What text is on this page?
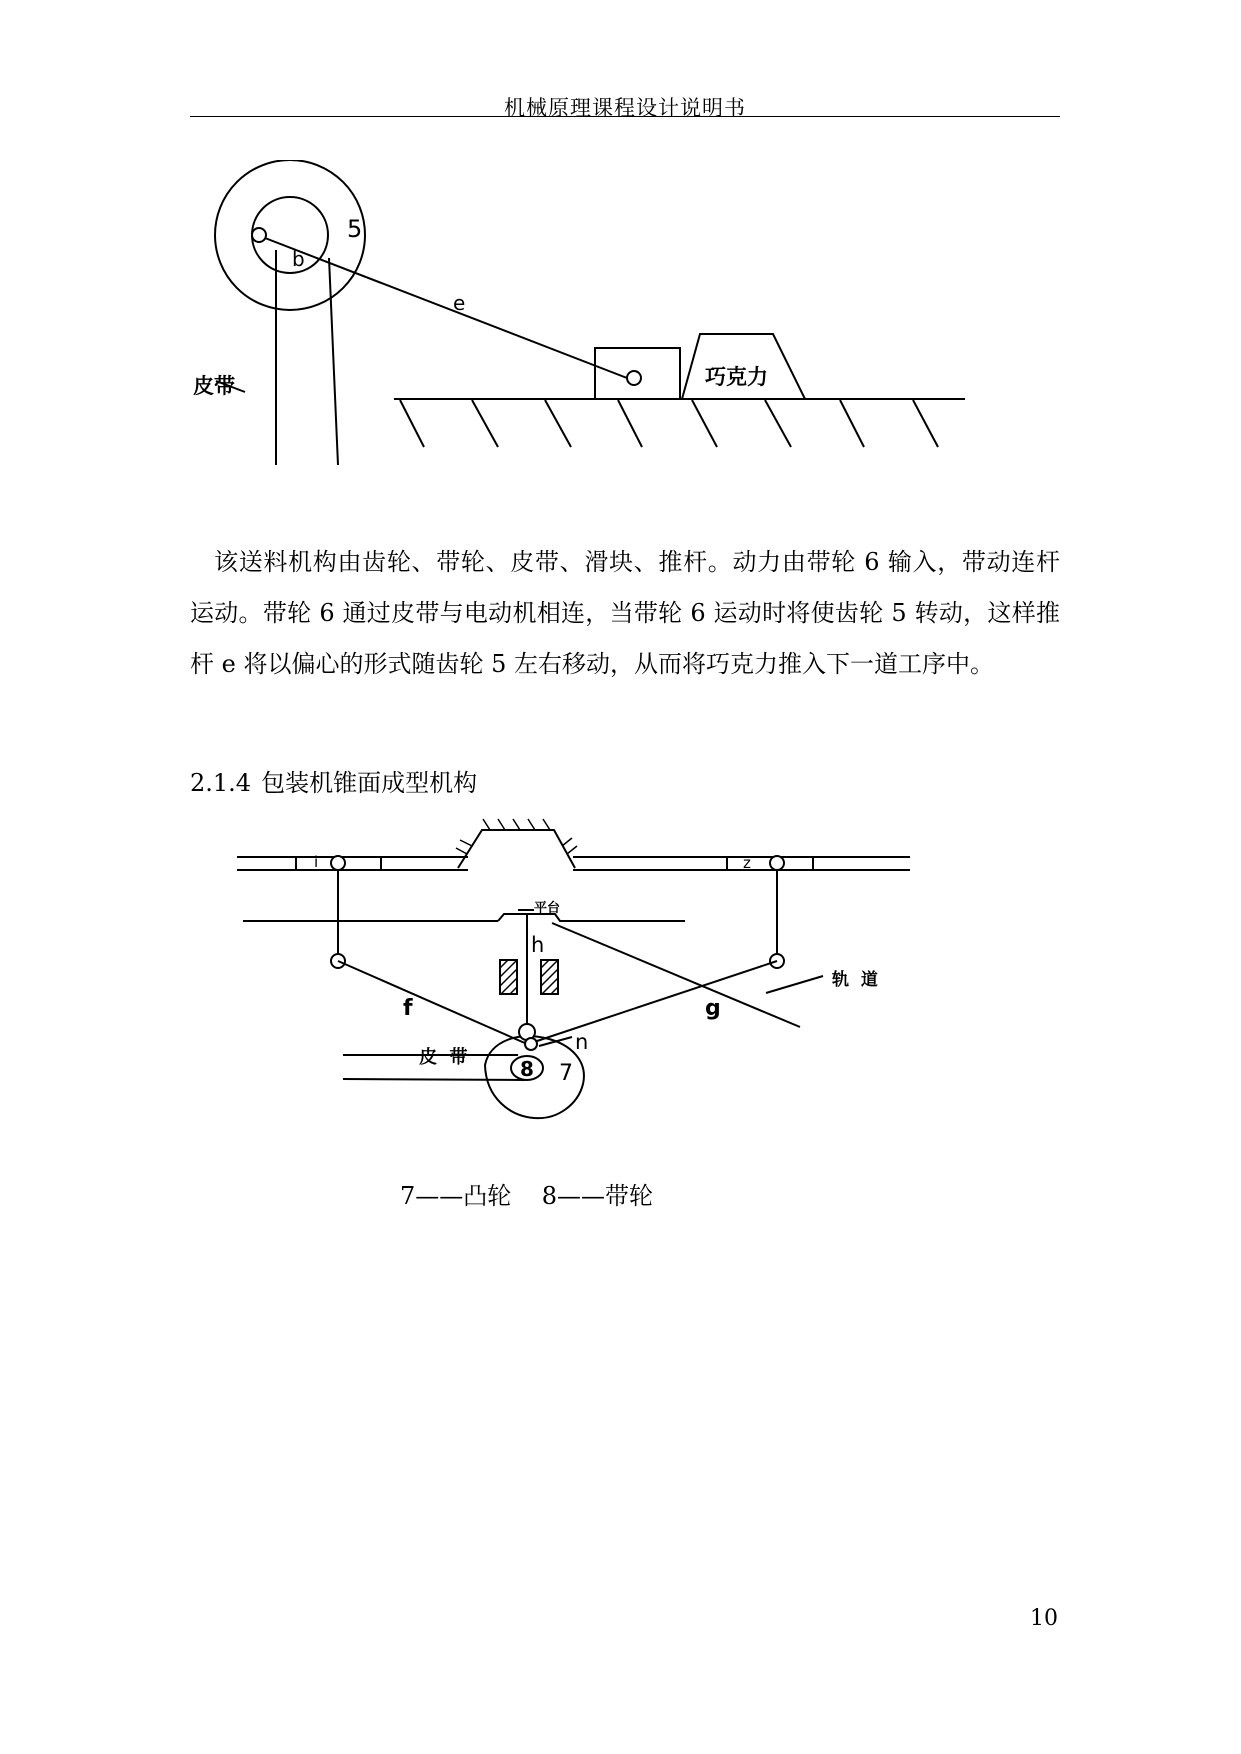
机械原理课程设计说明书
5
b
e
巧克力
皮带
该送料机构由齿轮、带轮、皮带、滑块、推杆。动力由带轮 6 输入，带动连杆运动。带轮 6 通过皮带与电动机相连，当带轮 6 运动时将使齿轮 5 转动，这样推杆 e 将以偏心的形式随齿轮 5 左右移动，从而将巧克力推入下一道工序中。
2.1.4 包装机锥面成型机构
i	z
平台
h
f	g
轨  道
皮  带
n
7
8
7——凸轮    8——带轮
10
